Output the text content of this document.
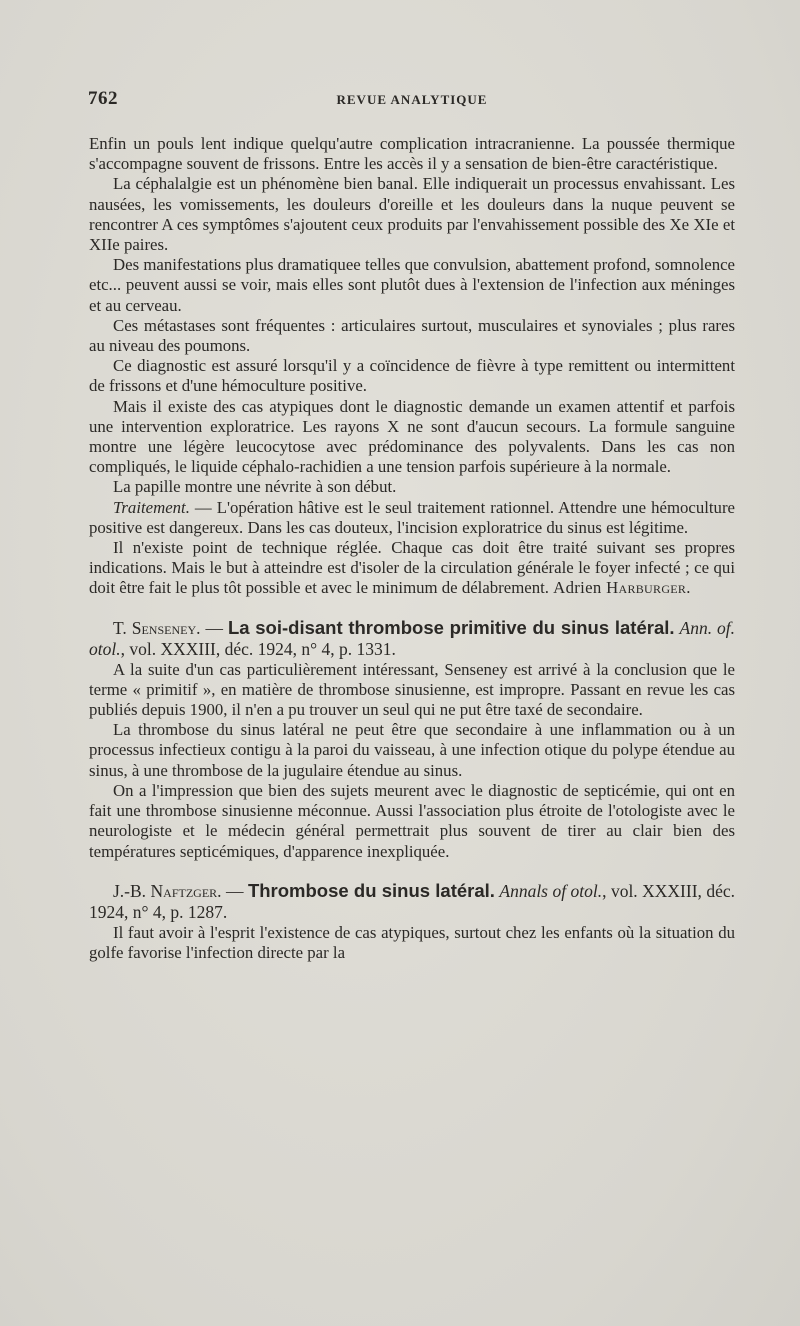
762	REVUE ANALYTIQUE

Enfin un pouls lent indique quelqu'autre complication intracranienne. La poussée thermique s'accompagne souvent de frissons. Entre les accès il y a sensation de bien-être caractéristique.

La céphalalgie est un phénomène bien banal. Elle indiquerait un processus envahissant. Les nausées, les vomissements, les douleurs d'oreille et les douleurs dans la nuque peuvent se rencontrer A ces symptômes s'ajoutent ceux produits par l'envahissement possible des Xe XIe et XIIe paires.

Des manifestations plus dramatiquee telles que convulsion, abattement profond, somnolence etc... peuvent aussi se voir, mais elles sont plutôt dues à l'extension de l'infection aux méninges et au cerveau.

Ces métastases sont fréquentes : articulaires surtout, musculaires et synoviales ; plus rares au niveau des poumons.

Ce diagnostic est assuré lorsqu'il y a coïncidence de fièvre à type remittent ou intermittent de frissons et d'une hémoculture positive.

Mais il existe des cas atypiques dont le diagnostic demande un examen attentif et parfois une intervention exploratrice. Les rayons X ne sont d'aucun secours. La formule sanguine montre une légère leucocytose avec prédominance des polyvalents. Dans les cas non compliqués, le liquide céphalo-rachidien a une tension parfois supérieure à la normale.

La papille montre une névrite à son début.

Traitement. — L'opération hâtive est le seul traitement rationnel. Attendre une hémoculture positive est dangereux. Dans les cas douteux, l'incision exploratrice du sinus est légitime.

Il n'existe point de technique réglée. Chaque cas doit être traité suivant ses propres indications. Mais le but à atteindre est d'isoler de la circulation générale le foyer infecté ; ce qui doit être fait le plus tôt possible et avec le minimum de délabrement. Adrien Harburger.

T. Senseney. — La soi-disant thrombose primitive du sinus latéral. Ann. of. otol., vol. XXXIII, déc. 1924, n° 4, p. 1331.

A la suite d'un cas particulièrement intéressant, Senseney est arrivé à la conclusion que le terme « primitif », en matière de thrombose sinusienne, est impropre. Passant en revue les cas publiés depuis 1900, il n'en a pu trouver un seul qui ne put être taxé de secondaire.

La thrombose du sinus latéral ne peut être que secondaire à une inflammation ou à un processus infectieux contigu à la paroi du vaisseau, à une infection otique du polype étendue au sinus, à une thrombose de la jugulaire étendue au sinus.

On a l'impression que bien des sujets meurent avec le diagnostic de septicémie, qui ont en fait une thrombose sinusienne méconnue. Aussi l'association plus étroite de l'otologiste avec le neurologiste et le médecin général permettrait plus souvent de tirer au clair bien des températures septicémiques, d'apparence inexpliquée.

J.-B. Naftzger. — Thrombose du sinus latéral. Annals of otol., vol. XXXIII, déc. 1924, n° 4, p. 1287.

Il faut avoir à l'esprit l'existence de cas atypiques, surtout chez les enfants où la situation du golfe favorise l'infection directe par la
